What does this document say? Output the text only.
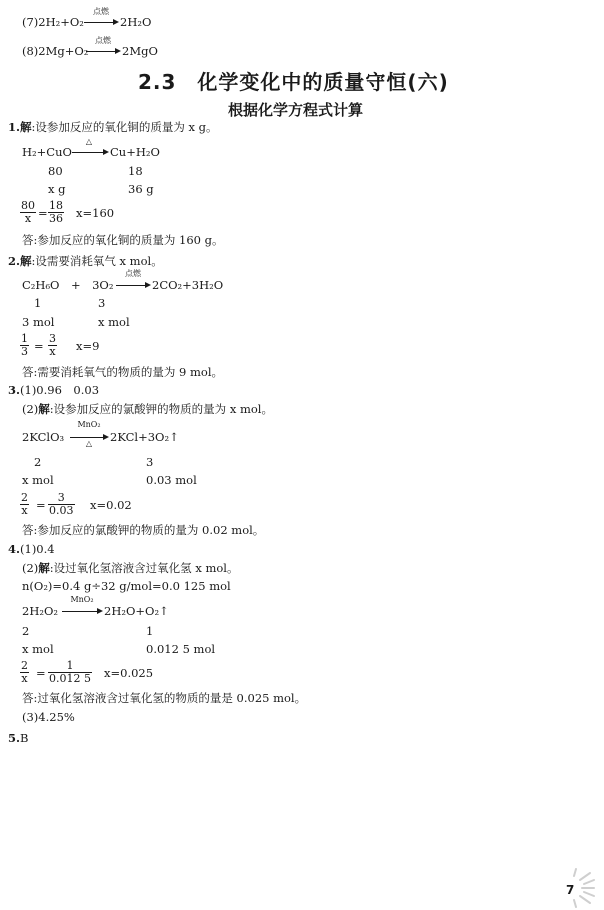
(7)2H₂+O₂
点燃
2H₂O
(8)2Mg+O₂
点燃
2MgO
2.3　化学变化中的质量守恒(六)
根据化学方程式计算
1.解:设参加反应的氧化铜的质量为 x g。
H₂+CuO
△
Cu+H₂O
80	18
x g	36 g
$\frac{80}{x} = \frac{18}{36} x=160$
答:参加反应的氧化铜的质量为 160 g。
2.解:设需要消耗氧气 x mol。
C₂H₆O　+　3O₂
点燃
2CO₂+3H₂O
1	3
3 mol	x mol
$\frac{1}{3} = \frac{3}{x} x=9$
答:需要消耗氧气的物质的量为 9 mol。
3.(1)0.96　0.03
(2)解:设参加反应的氯酸钾的物质的量为 x mol。
2KClO₃
MnO₂
△	2KCl+3O₂↑
2	3
x mol	0.03 mol
$\frac{2}{x} = \frac{3}{0.03} x=0.02$
答:参加反应的氯酸钾的物质的量为 0.02 mol。
4.(1)0.4
(2)解:设过氧化氢溶液含过氧化氢 x mol。
n(O₂)=0.4 g÷32 g/mol=0.0 125 mol
2H₂O₂
MnO₂
2H₂O+O₂↑
2	1
x mol	0.012 5 mol
$\frac{2}{x} = \frac{1}{0.012 5} x=0.025$
答:过氧化氢溶液含过氧化氢的物质的量是 0.025 mol。
(3)4.25%
5.B
7
